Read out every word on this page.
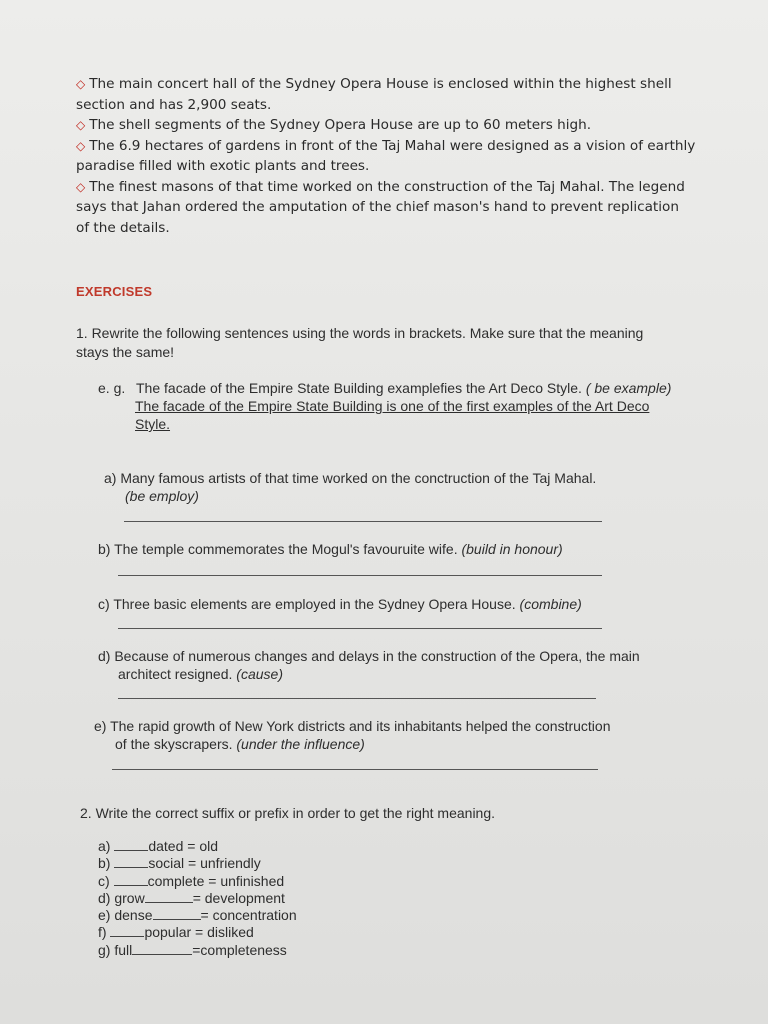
◇ The main concert hall of the Sydney Opera House is enclosed within the highest shell section and has 2,900 seats.

◇ The shell segments of the Sydney Opera House are up to 60 meters high.

◇ The 6.9 hectares of gardens in front of the Taj Mahal were designed as a vision of earthly paradise filled with exotic plants and trees.

◇ The finest masons of that time worked on the construction of the Taj Mahal. The legend says that Jahan ordered the amputation of the chief mason's hand to prevent replication of the details.

EXERCISES
1. Rewrite the following sentences using the words in brackets. Make sure that the meaning stays the same!
e. g. The facade of the Empire State Building examplefies the Art Deco Style. ( be example)
The facade of the Empire State Building is one of the first examples of the Art Deco Style.
a) Many famous artists of that time worked on the conctruction of the Taj Mahal.
(be employ)
b) The temple commemorates the Mogul's favouruite wife. (build in honour)
c) Three basic elements are employed in the Sydney Opera House. (combine)
d) Because of numerous changes and delays in the construction of the Opera, the main architect resigned. (cause)
e) The rapid growth of New York districts and its inhabitants helped the construction of the skyscrapers. (under the influence)
2. Write the correct suffix or prefix in order to get the right meaning.
a)	dated = old
b)	social = unfriendly
c)	complete = unfinished
d) grow	= development
e) dense	= concentration
f)	popular = disliked
g) full	=completeness
